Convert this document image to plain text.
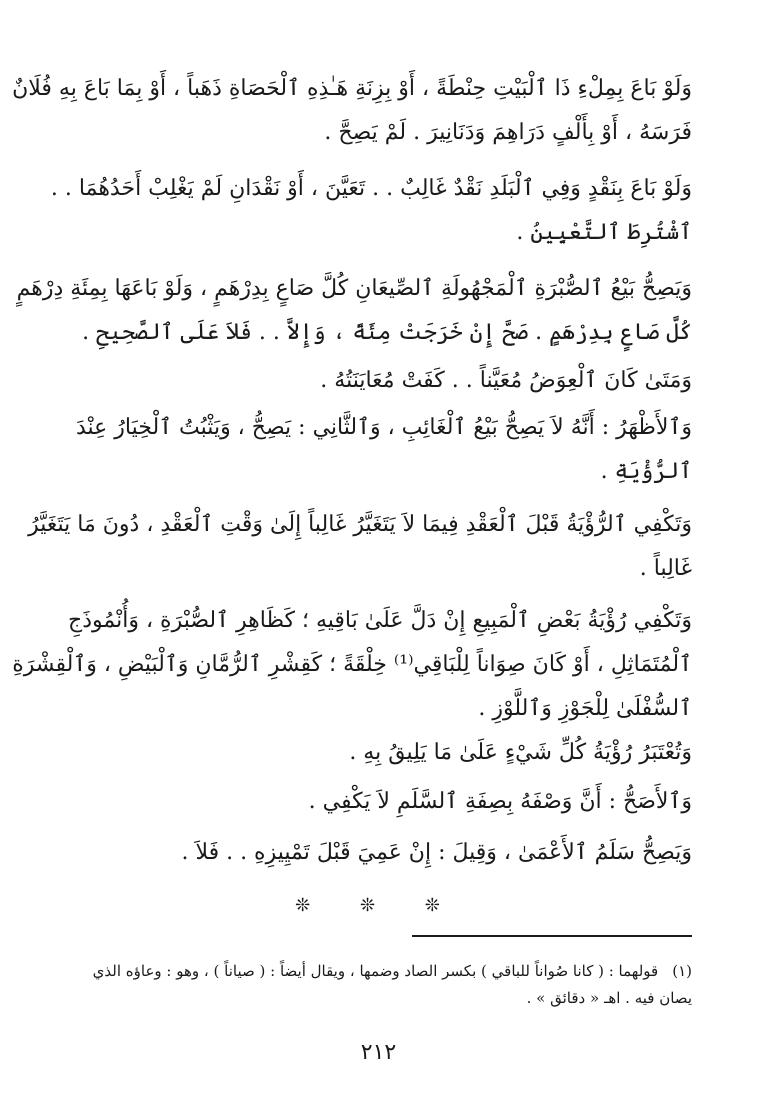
وَلَوْ بَاعَ بِمِلْءِ ذَا ٱلْبَيْتِ حِنْطَةً ، أَوْ بِزِنَةِ هَـٰذِهِ ٱلْحَصَاةِ ذَهَباً ، أَوْ بِمَا بَاعَ بِهِ فُلَانٌ
فَرَسَهُ ، أَوْ بِأَلْفٍ دَرَاهِمَ وَدَنَانِيرَ . لَمْ يَصِحَّ .
وَلَوْ بَاعَ بِنَقْدٍ وَفِي ٱلْبَلَدِ نَقْدٌ غَالِبٌ . . تَعَيَّنَ ، أَوْ نَقْدَانِ لَمْ يَغْلِبْ أَحَدُهُمَا . .
ٱشْتُرِطَ ٱلتَّعْيِينُ .
وَيَصِحُّ بَيْعُ ٱلصُّبْرَةِ ٱلْمَجْهُولَةِ ٱلصِّيعَانِ كُلَّ صَاعٍ بِدِرْهَمٍ ، وَلَوْ بَاعَهَا بِمِئَةِ دِرْهَمٍ
كُلَّ صَاعٍ بِدِرْهَمٍ . صَحَّ إِنْ خَرَجَتْ مِئَةً ، وَإِلاَّ . . فَلاَ عَلَى ٱلصَّحِيحِ .
وَمَتَىٰ كَانَ ٱلْعِوَضُ مُعَيَّناً . . كَفَتْ مُعَايَنَتُهُ .
وَٱلأَظْهَرُ : أَنَّهُ لاَ يَصِحُّ بَيْعُ ٱلْغَائِبِ ، وَٱلثَّانِي : يَصِحُّ ، وَيَثْبُتُ ٱلْخِيَارُ عِنْدَ
ٱلرُّؤْيَةِ .
وَتَكْفِي ٱلرُّؤْيَةُ قَبْلَ ٱلْعَقْدِ فِيمَا لاَ يَتَغَيَّرُ غَالِباً إِلَىٰ وَقْتِ ٱلْعَقْدِ ، دُونَ مَا يَتَغَيَّرُ
غَالِباً .
وَتَكْفِي رُؤْيَةُ بَعْضِ ٱلْمَبِيعِ إِنْ دَلَّ عَلَىٰ بَاقِيهِ ؛ كَظَاهِرِ ٱلصُّبْرَةِ ، وَأُنْمُوذَجِ
ٱلْمُتَمَاثِلِ ، أَوْ كَانَ صِوَاناً لِلْبَاقِي⁽¹⁾ خِلْقَةً ؛ كَقِشْرِ ٱلرُّمَّانِ وَٱلْبَيْضِ ، وَٱلْقِشْرَةِ
ٱلسُّفْلَىٰ لِلْجَوْزِ وَٱللَّوْزِ .
وَتُعْتَبَرُ رُؤْيَةُ كُلِّ شَيْءٍ عَلَىٰ مَا يَلِيقُ بِهِ .
وَٱلأَصَحُّ : أَنَّ وَصْفَهُ بِصِفَةِ ٱلسَّلَمِ لاَ يَكْفِي .
وَيَصِحُّ سَلَمُ ٱلأَعْمَىٰ ، وَقِيلَ : إِنْ عَمِيَ قَبْلَ تَمْيِيزِهِ . . فَلاَ .
❊ ❊ ❊
(١)قولهما : ( كانا صُواناً للباقي ) بكسر الصاد وضمها ، ويقال أيضاً : ( صياناً ) ، وهو : وعاؤه الذي
يصان فيه . اهـ « دقائق » .
٢١٢
